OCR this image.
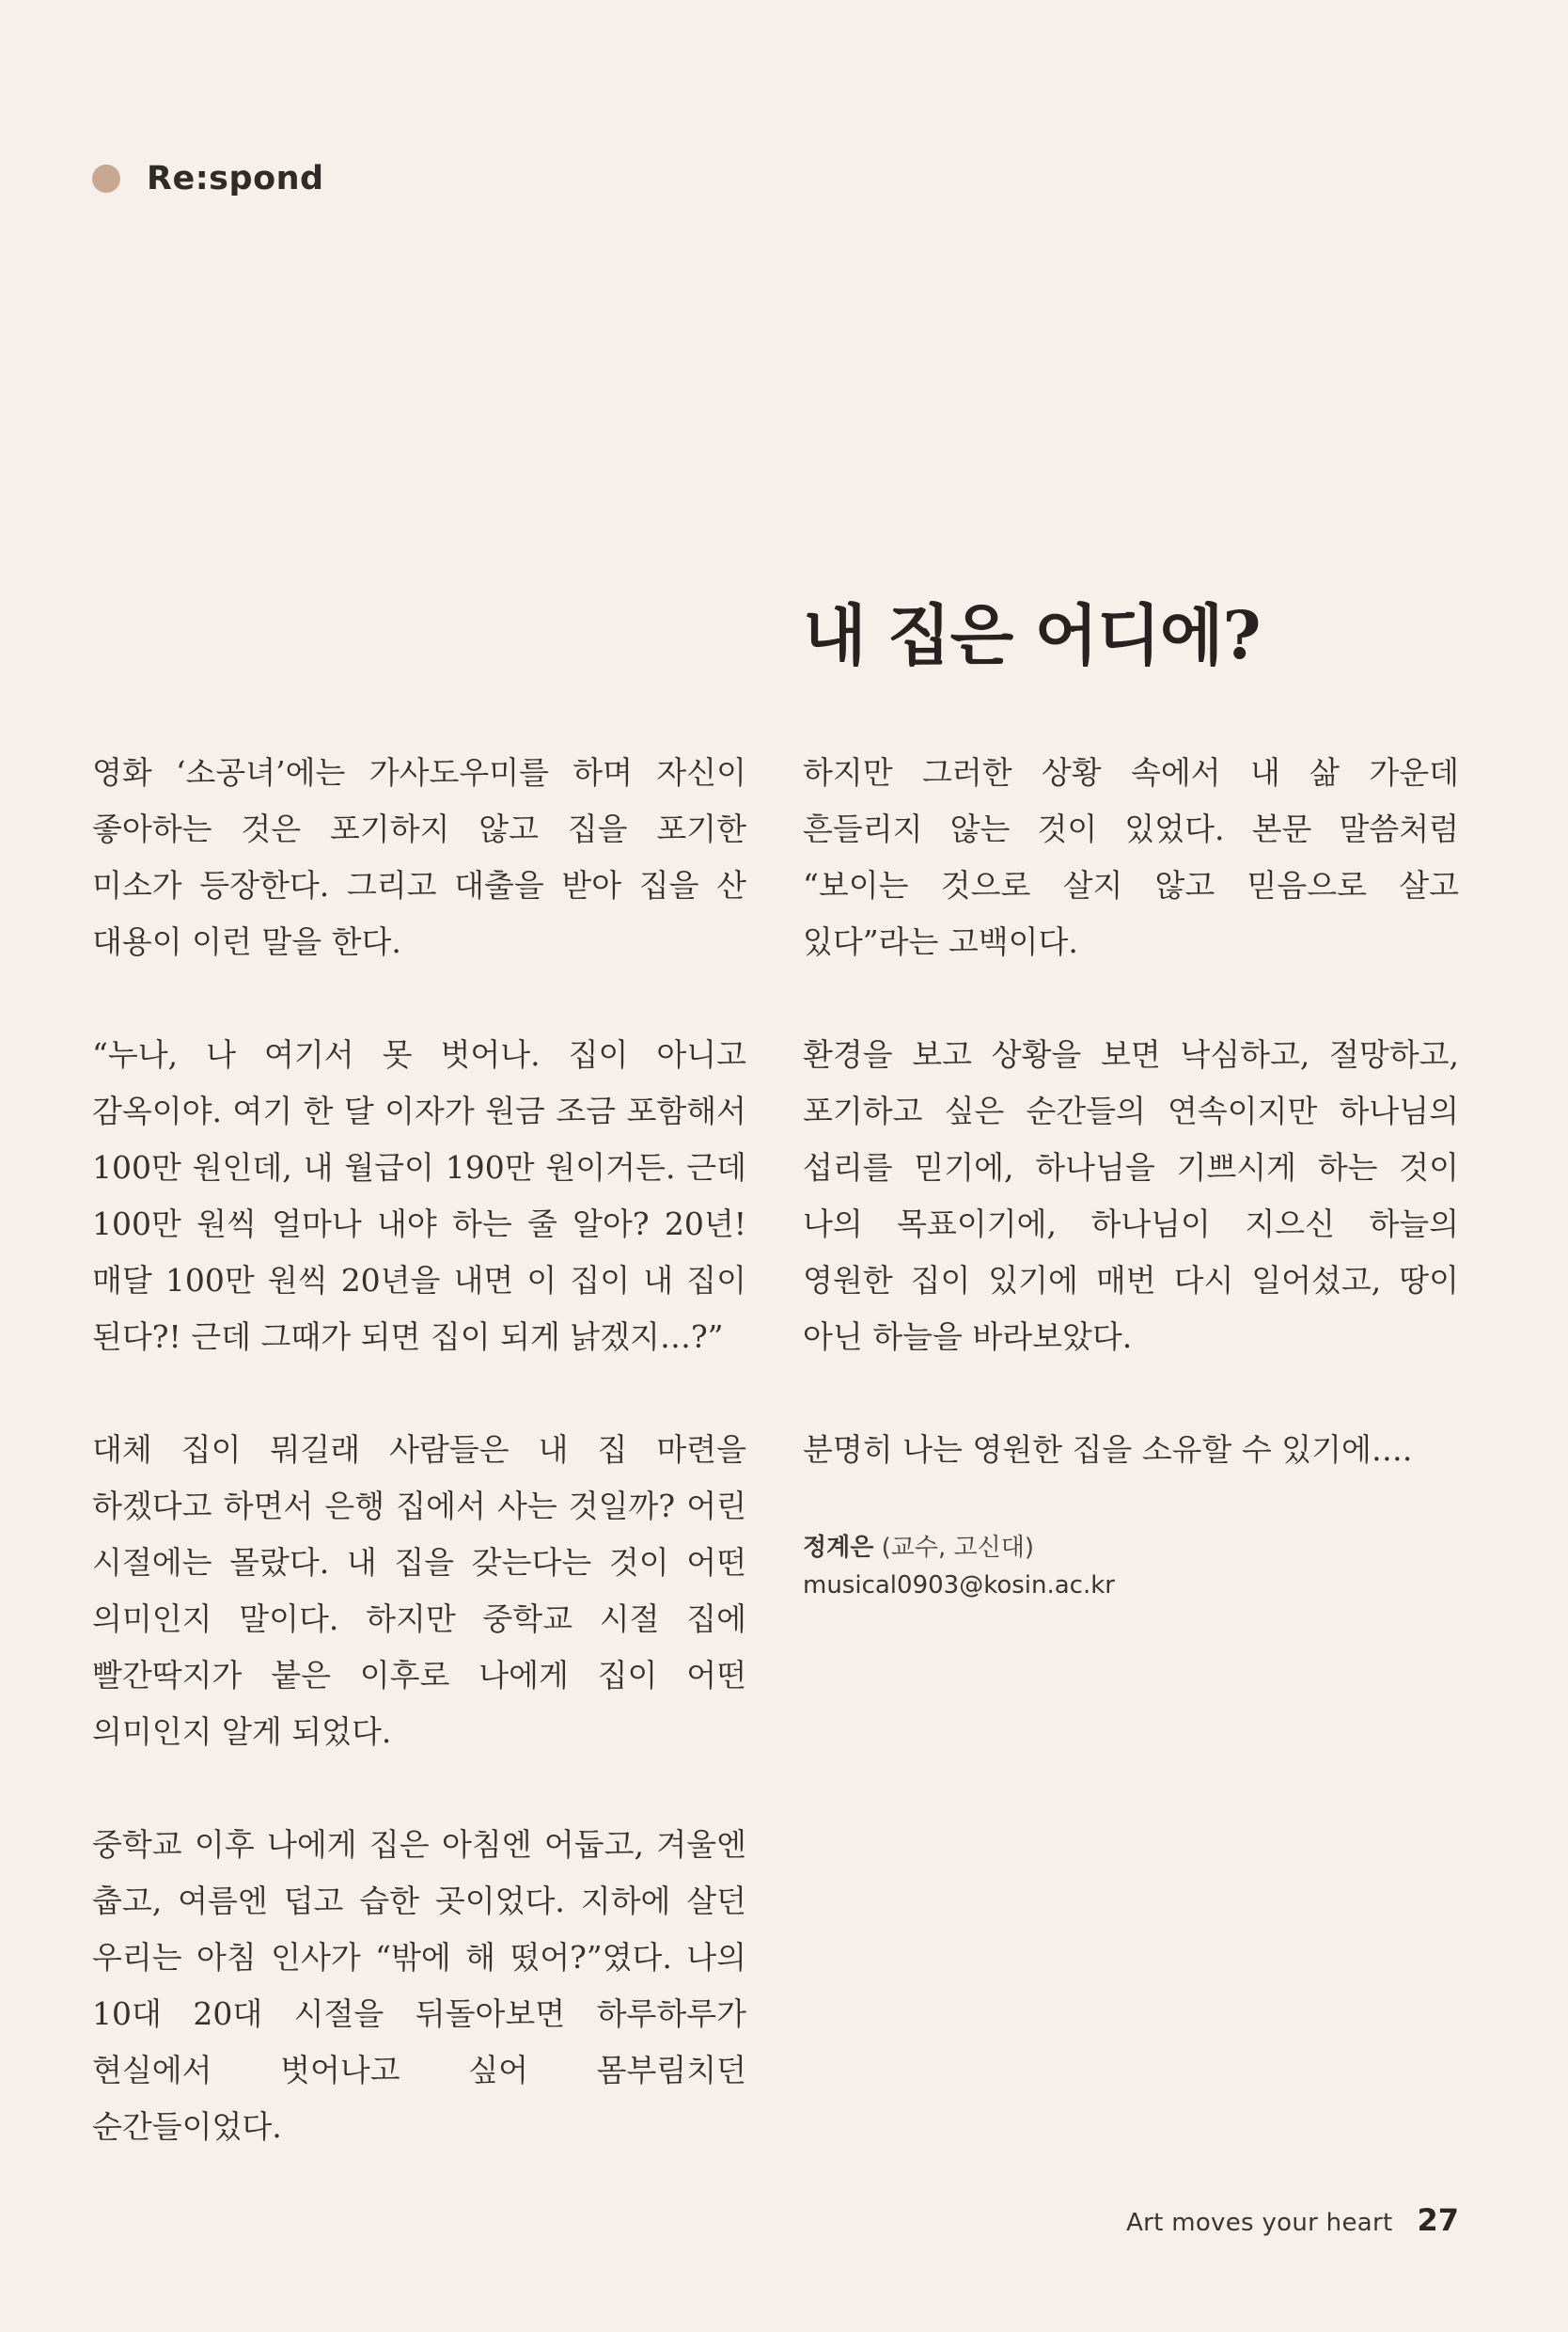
Re:spond
내 집은 어디에?

영화 ‘소공녀’에는 가사도우미를 하며 자신이 좋아하는 것은 포기하지 않고 집을 포기한 미소가 등장한다. 그리고 대출을 받아 집을 산 대용이 이런 말을 한다.

“누나, 나 여기서 못 벗어나. 집이 아니고 감옥이야. 여기 한 달 이자가 원금 조금 포함해서 100만 원인데, 내 월급이 190만 원이거든. 근데 100만 원씩 얼마나 내야 하는 줄 알아? 20년! 매달 100만 원씩 20년을 내면 이 집이 내 집이 된다?! 근데 그때가 되면 집이 되게 낡겠지…?”

대체 집이 뭐길래 사람들은 내 집 마련을 하겠다고 하면서 은행 집에서 사는 것일까? 어린 시절에는 몰랐다. 내 집을 갖는다는 것이 어떤 의미인지 말이다. 하지만 중학교 시절 집에 빨간딱지가 붙은 이후로 나에게 집이 어떤 의미인지 알게 되었다.

중학교 이후 나에게 집은 아침엔 어둡고, 겨울엔 춥고, 여름엔 덥고 습한 곳이었다. 지하에 살던 우리는 아침 인사가 “밖에 해 떴어?”였다. 나의 10대 20대 시절을 뒤돌아보면 하루하루가 현실에서 벗어나고 싶어 몸부림치던 순간들이었다.

하지만 그러한 상황 속에서 내 삶 가운데 흔들리지 않는 것이 있었다. 본문 말씀처럼 “보이는 것으로 살지 않고 믿음으로 살고 있다”라는 고백이다.

환경을 보고 상황을 보면 낙심하고, 절망하고, 포기하고 싶은 순간들의 연속이지만 하나님의 섭리를 믿기에, 하나님을 기쁘시게 하는 것이 나의 목표이기에, 하나님이 지으신 하늘의 영원한 집이 있기에 매번 다시 일어섰고, 땅이 아닌 하늘을 바라보았다.

분명히 나는 영원한 집을 소유할 수 있기에….

정계은 (교수, 고신대)
musical0903@kosin.ac.kr
Art moves your heart 27
